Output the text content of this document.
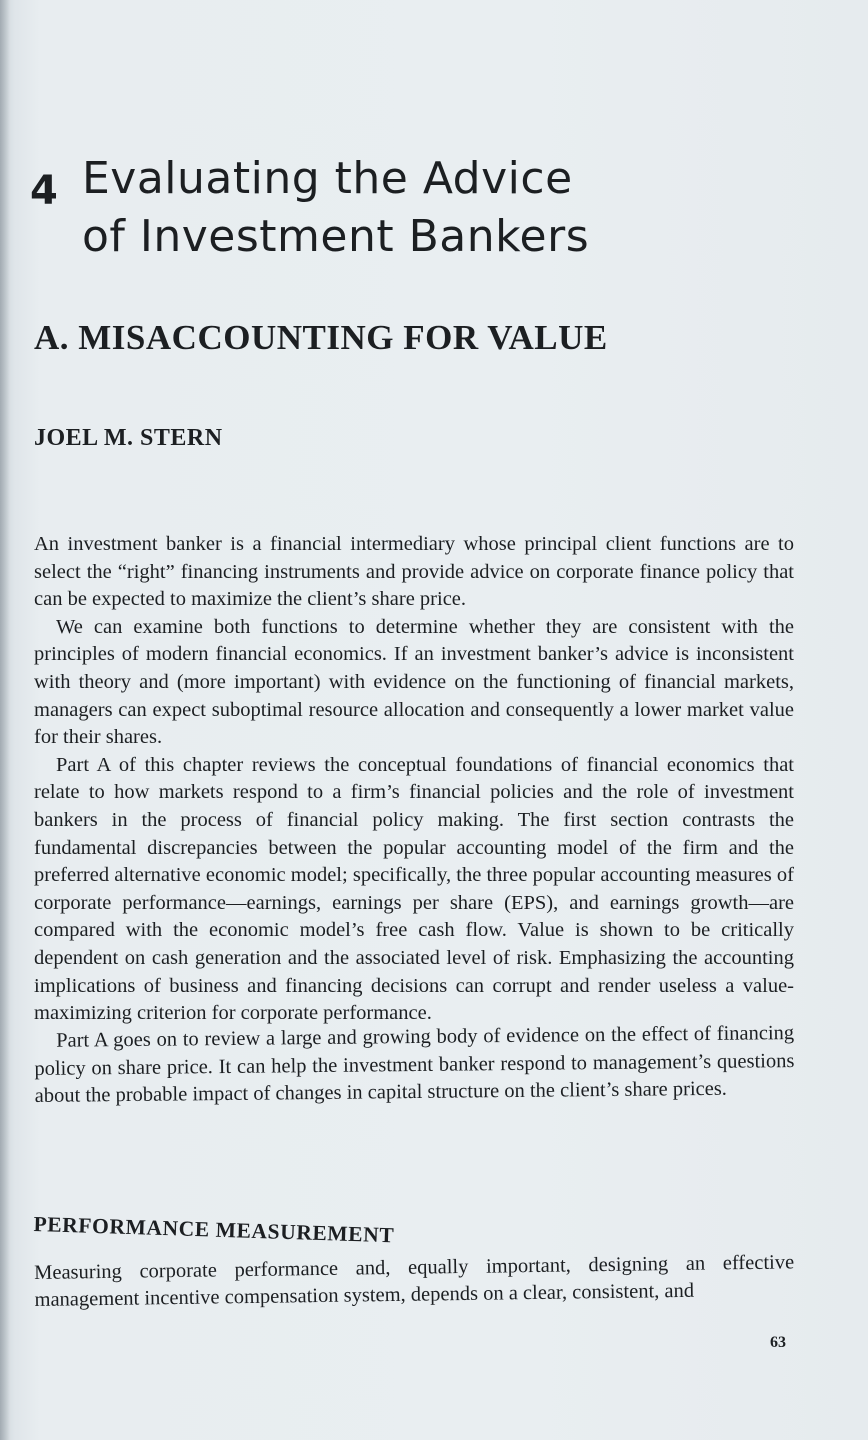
4 Evaluating the Advice
of Investment Bankers
A. MISACCOUNTING FOR VALUE
JOEL M. STERN

An investment banker is a financial intermediary whose principal client functions are to select the “right” financing instruments and provide advice on corporate finance policy that can be expected to maximize the client’s share price.

We can examine both functions to determine whether they are consistent with the principles of modern financial economics. If an investment banker’s advice is inconsistent with theory and (more important) with evidence on the functioning of financial markets, managers can expect suboptimal resource allocation and consequently a lower market value for their shares.

Part A of this chapter reviews the conceptual foundations of financial economics that relate to how markets respond to a firm’s financial policies and the role of investment bankers in the process of financial policy making. The first section contrasts the fundamental discrepancies between the popular accounting model of the firm and the preferred alternative economic model; specifically, the three popular accounting measures of corporate performance—earnings, earnings per share (EPS), and earnings growth—are compared with the economic model’s free cash flow. Value is shown to be critically dependent on cash generation and the associated level of risk. Emphasizing the accounting implications of business and financing decisions can corrupt and render useless a value-maximizing criterion for corporate performance.

Part A goes on to review a large and growing body of evidence on the effect of financing policy on share price. It can help the investment banker respond to management’s questions about the probable impact of changes in capital structure on the client’s share prices.

PERFORMANCE MEASUREMENT

Measuring corporate performance and, equally important, designing an effective management incentive compensation system, depends on a clear, consistent, and

63
